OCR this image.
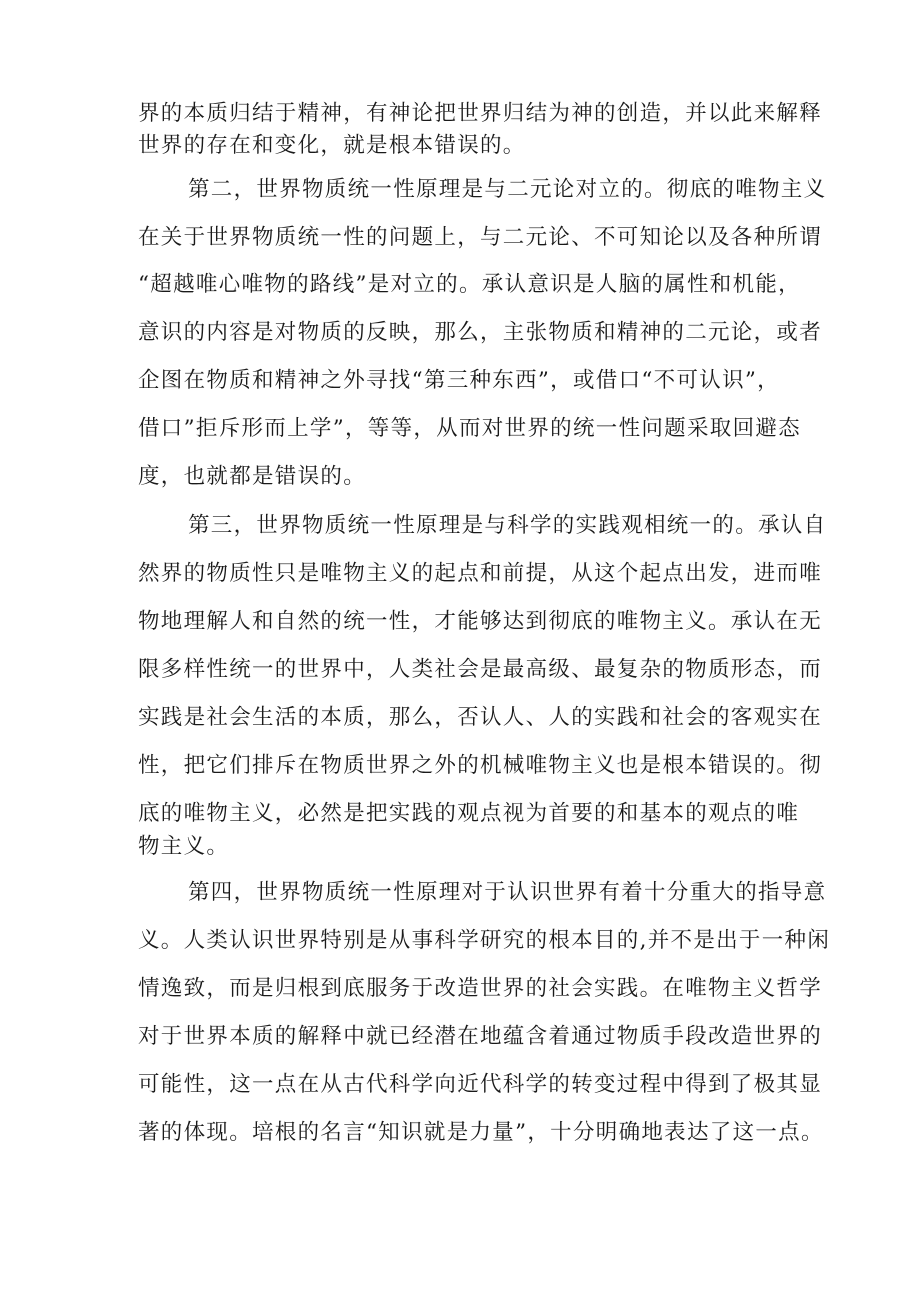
界的本质归结于精神，有神论把世界归结为神的创造，并以此来解释
世界的存在和变化，就是根本错误的。
第二，世界物质统一性原理是与二元论对立的。彻底的唯物主义
在关于世界物质统一性的问题上，与二元论、不可知论以及各种所谓
“超越唯心唯物的路线”是对立的。承认意识是人脑的属性和机能，
意识的内容是对物质的反映，那么，主张物质和精神的二元论，或者
企图在物质和精神之外寻找“第三种东西”，或借口“不可认识”，
借口”拒斥形而上学”，等等，从而对世界的统一性问题采取回避态
度，也就都是错误的。
第三，世界物质统一性原理是与科学的实践观相统一的。承认自
然界的物质性只是唯物主义的起点和前提，从这个起点出发，进而唯
物地理解人和自然的统一性，才能够达到彻底的唯物主义。承认在无
限多样性统一的世界中，人类社会是最高级、最复杂的物质形态，而
实践是社会生活的本质，那么，否认人、人的实践和社会的客观实在
性，把它们排斥在物质世界之外的机械唯物主义也是根本错误的。彻
底的唯物主义，必然是把实践的观点视为首要的和基本的观点的唯
物主义。
第四，世界物质统一性原理对于认识世界有着十分重大的指导意
义。人类认识世界特别是从事科学研究的根本目的,并不是出于一种闲
情逸致，而是归根到底服务于改造世界的社会实践。在唯物主义哲学
对于世界本质的解释中就已经潜在地蕴含着通过物质手段改造世界的
可能性，这一点在从古代科学向近代科学的转变过程中得到了极其显
著的体现。培根的名言“知识就是力量”，十分明确地表达了这一点。
